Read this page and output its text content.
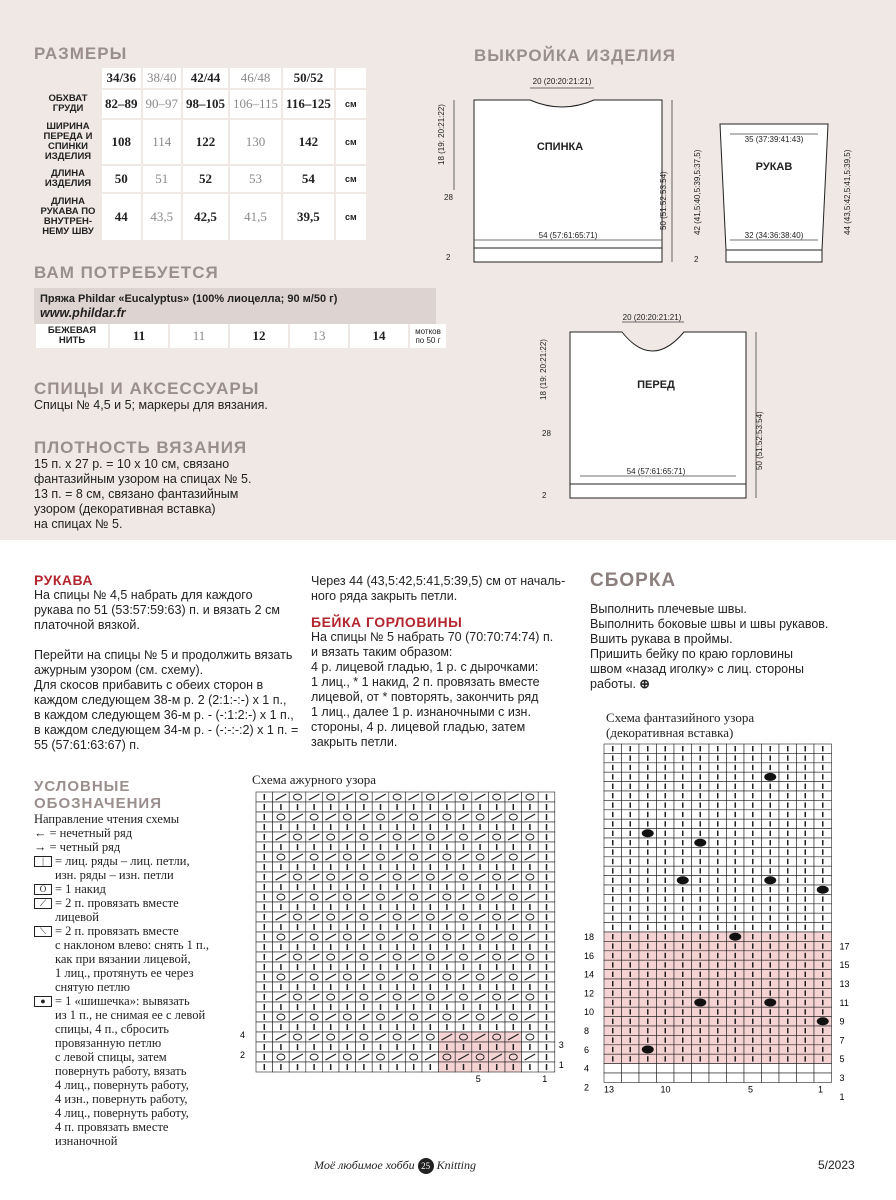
РАЗМЕРЫ
	34/36	38/40	42/44	46/48	50/52	
ОБХВАТ ГРУДИ	82–89	90–97	98–105	106–115	116–125	см
ШИРИНА ПЕРЕДА И СПИНКИ ИЗДЕЛИЯ	108	114	122	130	142	см
ДЛИНА ИЗДЕЛИЯ	50	51	52	53	54	см
ДЛИНА РУКАВА ПО ВНУТРЕН-НЕМУ ШВУ	44	43,5	42,5	41,5	39,5	см
ВАМ ПОТРЕБУЕТСЯ
Пряжа Phildar «Eucalyptus» (100% лиоцелла; 90 м/50 г)
www.phildar.fr
БЕЖЕВАЯ НИТЬ	11	11	12	13	14	мотков по 50 г
СПИЦЫ И АКСЕССУАРЫ
Спицы № 4,5 и 5; маркеры для вязания.
ПЛОТНОСТЬ ВЯЗАНИЯ
15 п. х 27 р. = 10 х 10 см, связано
фантазийным узором на спицах № 5.
13 п. = 8 см, связано фантазийным
узором (декоративная вставка)
на спицах № 5.
ВЫКРОЙКА ИЗДЕЛИЯ
20 (20:20:21:21)
18 (19: 20:21:22)
28	50 (51:52:53:54)
54 (57:61:65:71)
2
35 (37:39:41:43)
32 (34:36:38:40)
42 (41,5:40,5:39,5:37,5)	44 (43,5:42,5:41,5:39,5)
2
20 (20:20:21:21)
18 (19: 20:21:22)
28	50 (51:52:53:54)
54 (57:61:65:71)
2
СПИНКА
РУКАВ
ПЕРЕД
РУКАВА
На спицы № 4,5 набрать для каждого
рукава по 51 (53:57:59:63) п. и вязать 2 см
платочной вязкой.
Перейти на спицы № 5 и продолжить вязать
ажурным узором (см. схему).
Для скосов прибавить с обеих сторон в
каждом следующем 38-м р. 2 (2:1:-:-) х 1 п.,
в каждом следующем 36-м р. - (-:1:2:-) х 1 п.,
в каждом следующем 34-м р. - (-:-:-:2) х 1 п. =
55 (57:61:63:67) п.
Через 44 (43,5:42,5:41,5:39,5) см от началь-
ного ряда закрыть петли.
БЕЙКА ГОРЛОВИНЫ
На спицы № 5 набрать 70 (70:70:74:74) п.
и вязать таким образом:
4 р. лицевой гладью, 1 р. с дырочками:
1 лиц., * 1 накид, 2 п. провязать вместе
лицевой, от * повторять, закончить ряд
1 лиц., далее 1 р. изнаночными с изн.
стороны, 4 р. лицевой гладью, затем
закрыть петли.
СБОРКА
Выполнить плечевые швы.
Выполнить боковые швы и швы рукавов.
Вшить рукава в проймы.
Пришить бейку по краю горловины
швом «назад иголку» с лиц. стороны
работы. ⊕
УСЛОВНЫЕ
ОБОЗНАЧЕНИЯ
Направление чтения схемы
← = нечетный ряд
→ = четный ряд
| = лиц. ряды – лиц. петли,
изн. ряды – изн. петли
O = 1 накид
⟋ = 2 п. провязать вместе
лицевой
⟍ = 2 п. провязать вместе
с наклоном влево: снять 1 п.,
как при вязании лицевой,
1 лиц., протянуть ее через
снятую петлю
● = 1 «шишечка»: вывязать
из 1 п., не снимая ее с левой
спицы, 4 п., сбросить
провязанную петлю
с левой спицы, затем
повернуть работу, вязать
4 лиц., повернуть работу,
4 изн., повернуть работу,
4 лиц., повернуть работу,
4 п. провязать вместе
изнаночной
Схема ажурного узора
4
2
3
1
5	1
Схема фантазийного узора
(декоративная вставка)
18
16
14
12
10
8
6
4
2
17
15
13
11
9
7
5
3
1
13	10	5	1
Моё любимое хобби 25 Knitting	5/2023
